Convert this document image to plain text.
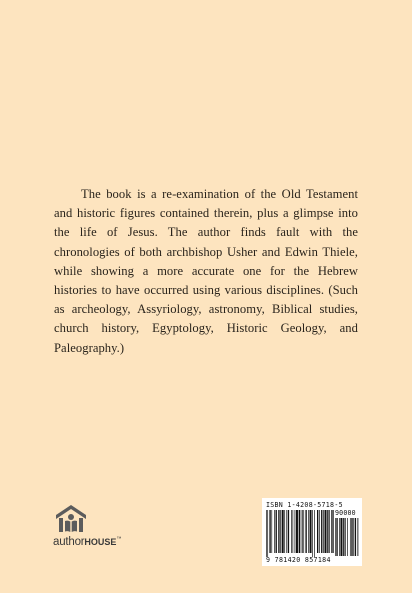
The book is a re-examination of the Old Testament and historic figures contained therein, plus a glimpse into the life of Jesus. The author finds fault with the chronologies of both archbishop Usher and Edwin Thiele, while showing a more accurate one for the Hebrew histories to have occurred using various disciplines. (Such as archeology, Assyriology, astronomy, Biblical studies, church history, Egyptology, Historic Geology, and Paleography.)

authorHOUSE™
ISBN 1-4208-5718-5
90000
9 781420 857184
